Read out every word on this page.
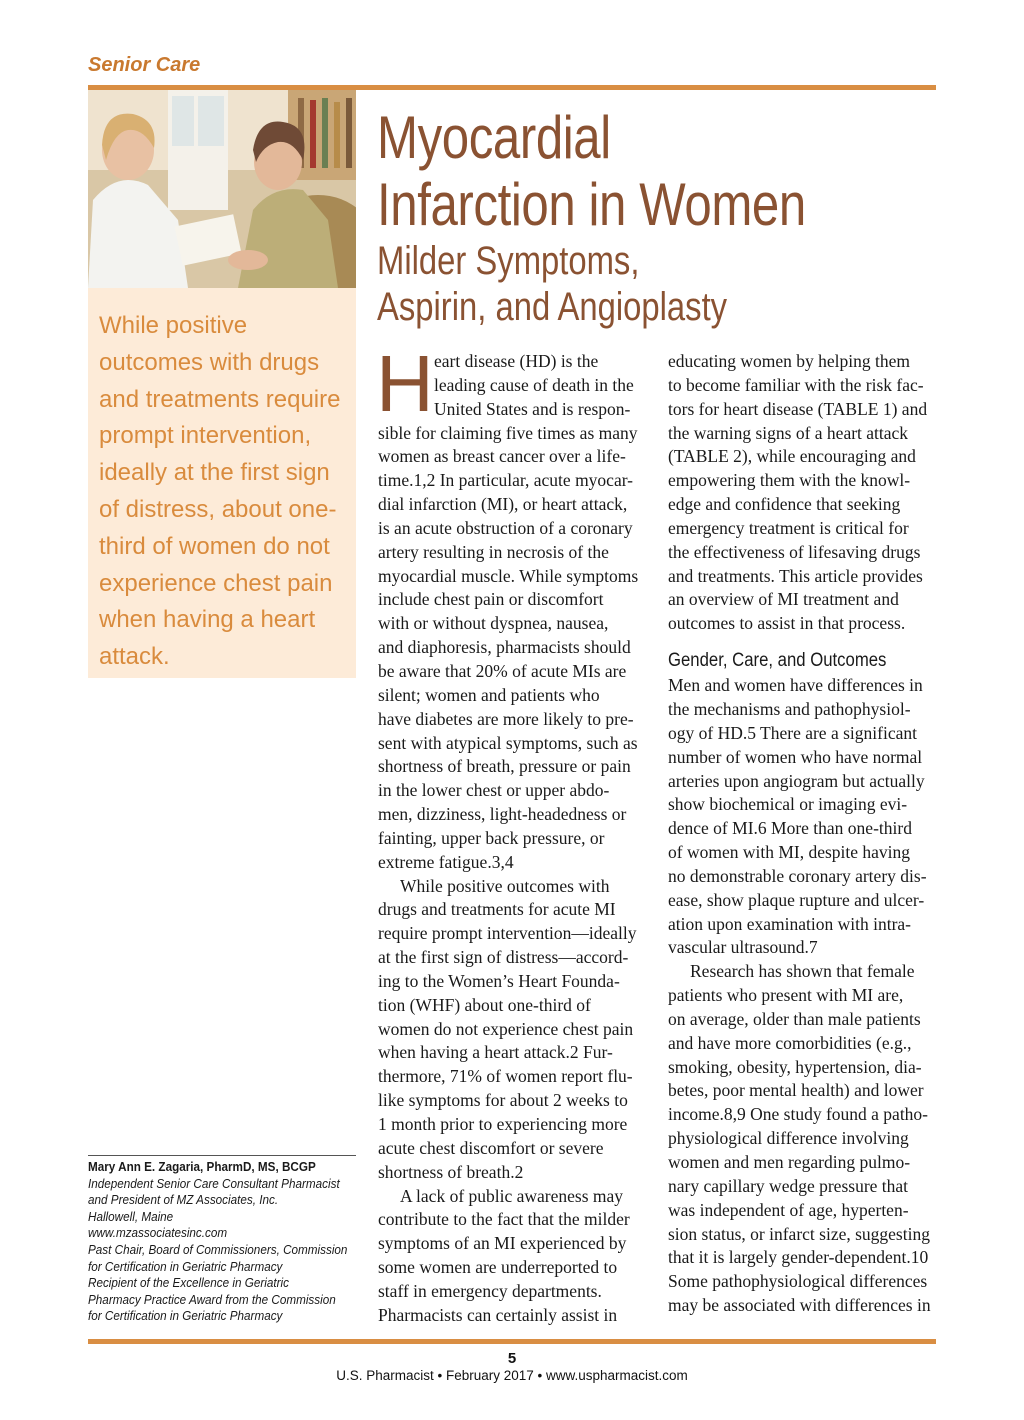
Senior Care

While positive

outcomes with drugs

and treatments require

prompt intervention,

ideally at the first sign

of distress, about one-

third of women do not

experience chest pain

when having a heart

attack.

Myocardial
Infarction in Women
Milder Symptoms,
Aspirin, and Angioplasty
H eart disease (HD) is the
leading cause of death in the
United States and is respon-
sible for claiming five times as many
women as breast cancer over a life-
time.1,2 In particular, acute myocar-
dial infarction (MI), or heart attack,
is an acute obstruction of a coronary
artery resulting in necrosis of the
myocardial muscle. While symptoms
include chest pain or discomfort
with or without dyspnea, nausea,
and diaphoresis, pharmacists should
be aware that 20% of acute MIs are
silent; women and patients who
have diabetes are more likely to pre-
sent with atypical symptoms, such as
shortness of breath, pressure or pain
in the lower chest or upper abdo-
men, dizziness, light-headedness or
fainting, upper back pressure, or
extreme fatigue.3,4
While positive outcomes with
drugs and treatments for acute MI
require prompt intervention—ideally
at the first sign of distress—accord-
ing to the Women’s Heart Founda-
tion (WHF) about one-third of
women do not experience chest pain
when having a heart attack.2 Fur-
thermore, 71% of women report flu-
like symptoms for about 2 weeks to
1 month prior to experiencing more
acute chest discomfort or severe
shortness of breath.2
A lack of public awareness may
contribute to the fact that the milder
symptoms of an MI experienced by
some women are underreported to
staff in emergency departments.
Pharmacists can certainly assist in
educating women by helping them
to become familiar with the risk fac-
tors for heart disease (TABLE 1) and
the warning signs of a heart attack
(TABLE 2), while encouraging and
empowering them with the knowl-
edge and confidence that seeking
emergency treatment is critical for
the effectiveness of lifesaving drugs
and treatments. This article provides
an overview of MI treatment and
outcomes to assist in that process.
Gender, Care, and Outcomes
Men and women have differences in
the mechanisms and pathophysiol-
ogy of HD.5 There are a significant
number of women who have normal
arteries upon angiogram but actually
show biochemical or imaging evi-
dence of MI.6 More than one-third
of women with MI, despite having
no demonstrable coronary artery dis-
ease, show plaque rupture and ulcer-
ation upon examination with intra-
vascular ultrasound.7
Research has shown that female
patients who present with MI are,
on average, older than male patients
and have more comorbidities (e.g.,
smoking, obesity, hypertension, dia-
betes, poor mental health) and lower
income.8,9 One study found a patho-
physiological difference involving
women and men regarding pulmo-
nary capillary wedge pressure that
was independent of age, hyperten-
sion status, or infarct size, suggesting
that it is largely gender-dependent.10
Some pathophysiological differences
may be associated with differences in
Mary Ann E. Zagaria, PharmD, MS, BCGP
Independent Senior Care Consultant Pharmacist
and President of MZ Associates, Inc.
Hallowell, Maine
www.mzassociatesinc.com
Past Chair, Board of Commissioners, Commission
for Certification in Geriatric Pharmacy
Recipient of the Excellence in Geriatric
Pharmacy Practice Award from the Commission
for Certification in Geriatric Pharmacy
5
U.S. Pharmacist • February 2017 • www.uspharmacist.com
